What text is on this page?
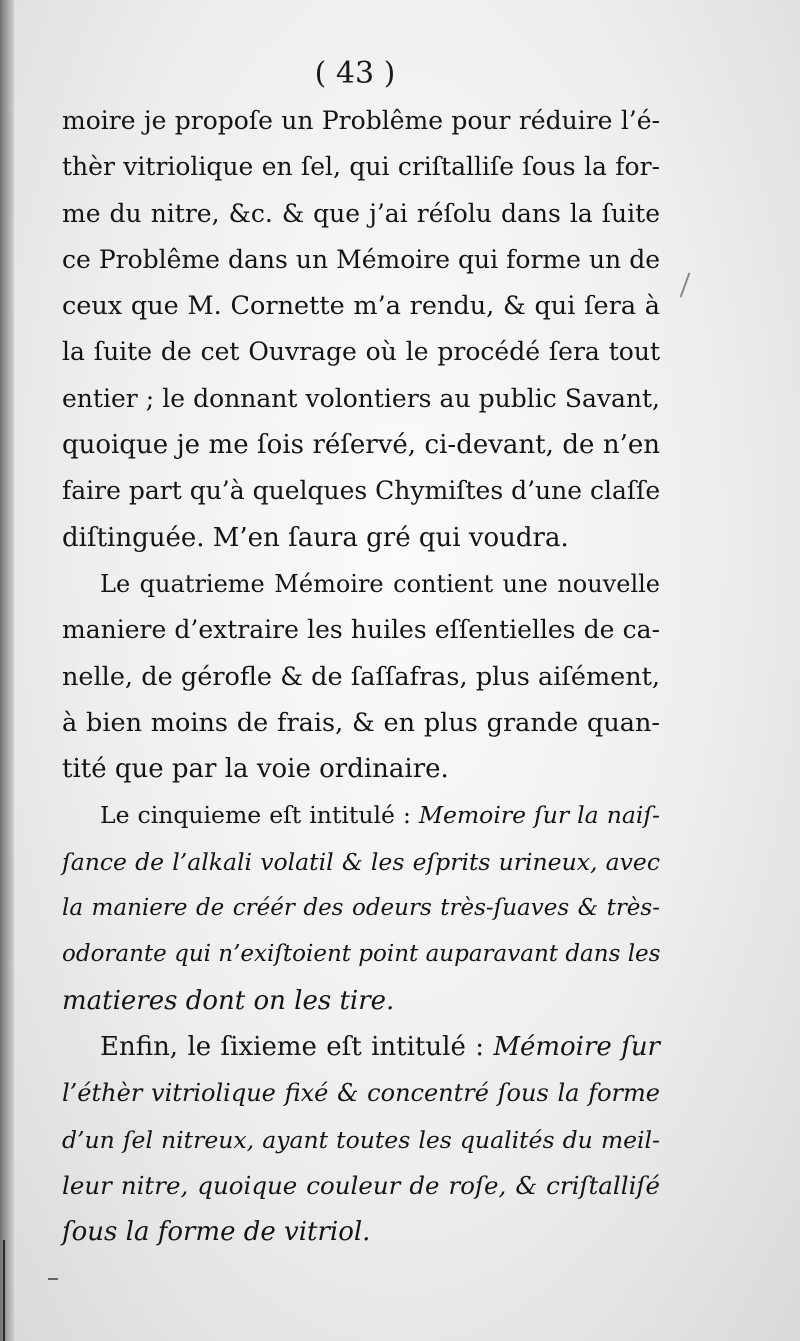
( 43 )

moire je propoſe un Problême pour réduire l’é-
thèr vitriolique en ſel, qui criſtalliſe ſous la for-
me du nitre, &c. & que j’ai réſolu dans la ſuite
ce Problême dans un Mémoire qui forme un de
ceux que M. Cornette m’a rendu, & qui ſera à
la ſuite de cet Ouvrage où le procédé ſera tout
entier ; le donnant volontiers au public Savant,
quoique je me ſois réſervé, ci-devant, de n’en
faire part qu’à quelques Chymiſtes d’une claſſe
diſtinguée. M’en ſaura gré qui voudra.
Le quatrieme Mémoire contient une nouvelle
maniere d’extraire les huiles eſſentielles de ca-
nelle, de gérofle & de ſaſſafras, plus aiſément,
à bien moins de frais, & en plus grande quan-
tité que par la voie ordinaire.
Le cinquieme eſt intitulé : Memoire ſur la naiſ-
ſance de l’alkali volatil & les eſprits urineux, avec
la maniere de créér des odeurs très-ſuaves & très-
odorante qui n’exiſtoient point auparavant dans les
matieres dont on les tire.
Enfin, le ſixieme eſt intitulé : Mémoire ſur
l’éthèr vitriolique fixé & concentré ſous la forme
d’un ſel nitreux, ayant toutes les qualités du meil-
leur nitre, quoique couleur de roſe, & criſtalliſé
ſous la forme de vitriol.
